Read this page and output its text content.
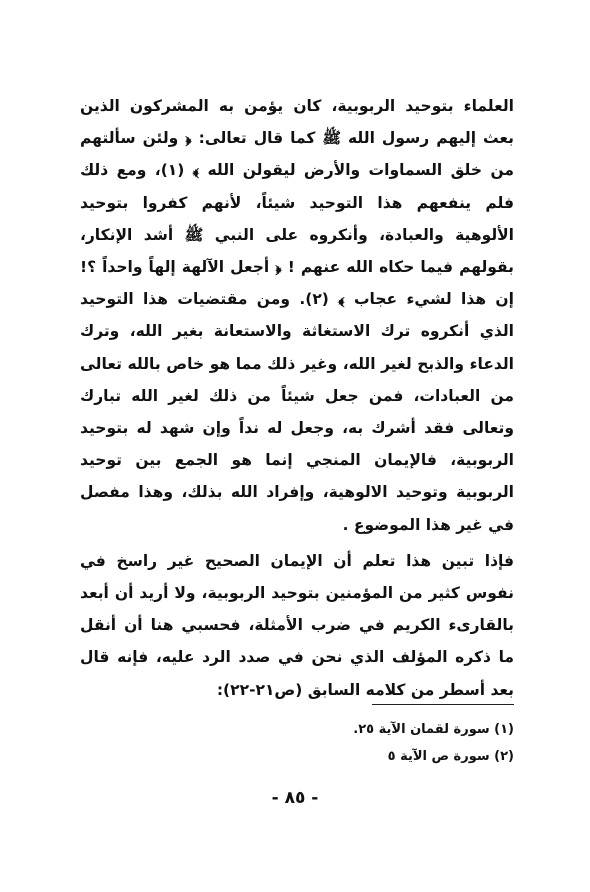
العلماء بتوحيد الربوبية، كان يؤمن به المشركون الذين بعث إليهم رسول الله ﷺ كما قال تعالى: ﴿ ولئن سألتهم من خلق السماوات والأرض ليقولن الله ﴾ (١)، ومع ذلك فلم ينفعهم هذا التوحيد شيئاً، لأنهم كفروا بتوحيد الألوهية والعبادة، وأنكروه على النبي ﷺ أشد الإنكار، بقولهم فيما حكاه الله عنهم ! ﴿ أجعل الآلهة إلهاً واحداً ؟! إن هذا لشيء عجاب ﴾ (٢). ومن مقتضيات هذا التوحيد الذي أنكروه ترك الاستغاثة والاستعانة بغير الله، وترك الدعاء والذبح لغير الله، وغير ذلك مما هو خاص بالله تعالى من العبادات، فمن جعل شيئاً من ذلك لغير الله تبارك وتعالى فقد أشرك به، وجعل له نداً وإن شهد له بتوحيد الربوبية، فالإيمان المنجي إنما هو الجمع بين توحيد الربوبية وتوحيد الالوهية، وإفراد الله بذلك، وهذا مفصل في غير هذا الموضوع .

فإذا تبين هذا تعلم أن الإيمان الصحيح غير راسخ في نفوس كثير من المؤمنين بتوحيد الربوبية، ولا أريد أن أبعد بالقارىء الكريم في ضرب الأمثلة، فحسبي هنا أن أنقل ما ذكره المؤلف الذي نحن في صدد الرد عليه، فإنه قال بعد أسطر من كلامه السابق (ص٢١-٢٢):

(١) سورة لقمان الآية ٢٥.

(٢) سورة ص الآية ٥

- ٨٥ -
